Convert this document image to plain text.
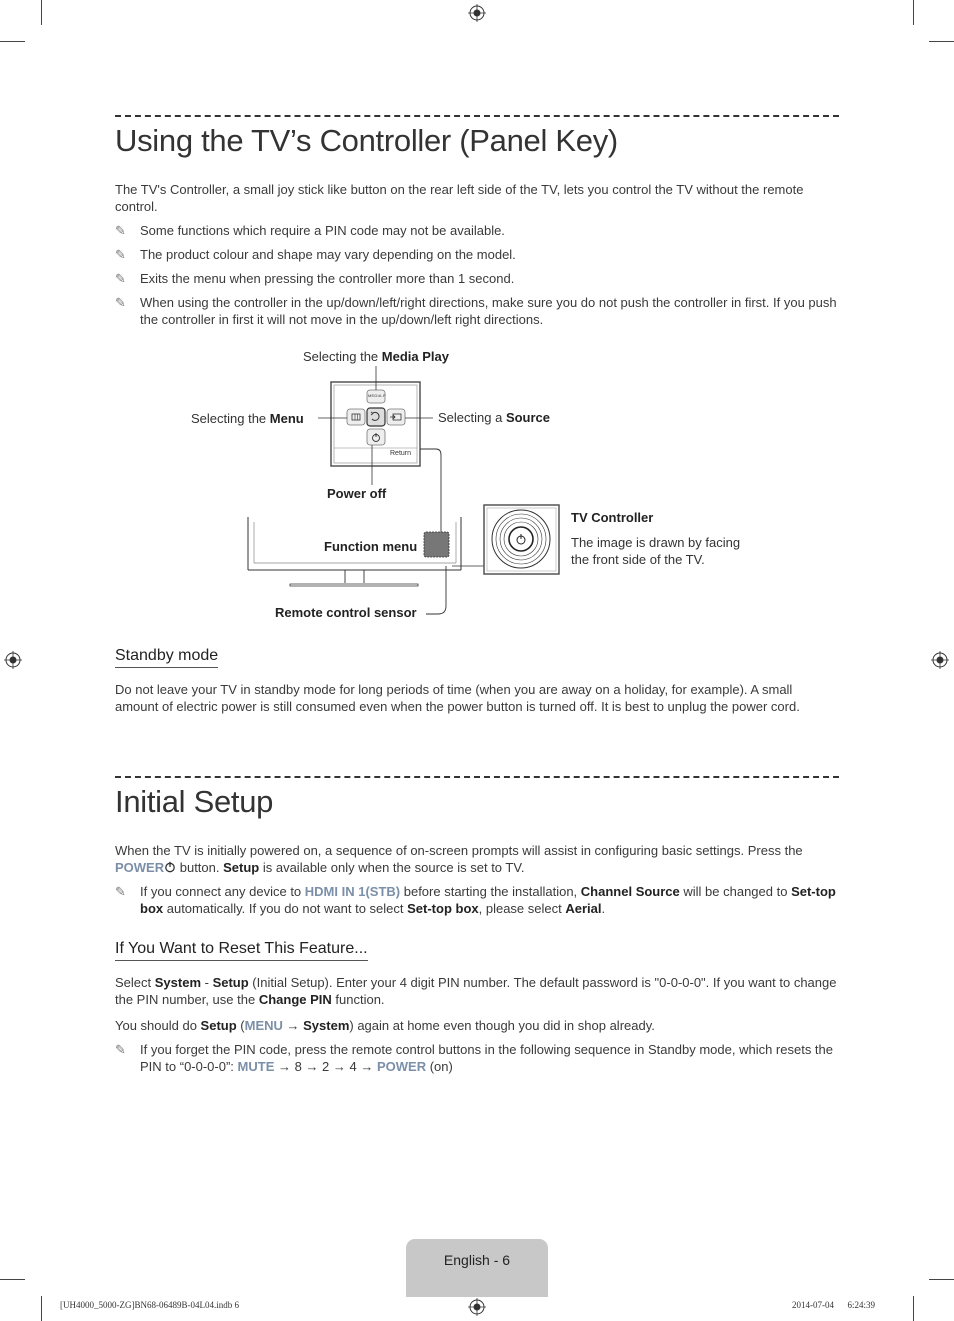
Using the TV’s Controller (Panel Key)
The TV's Controller, a small joy stick like button on the rear left side of the TV, lets you control the TV without the remote control.
✎	Some functions which require a PIN code may not be available.
✎	The product colour and shape may vary depending on the model.
✎	Exits the menu when pressing the controller more than 1 second.
✎	When using the controller in the up/down/left/right directions, make sure you do not push the controller in first. If you push the controller in first it will not move in the up/down/left right directions.
MEDIA.P
Return
Selecting the Media Play
Selecting the Menu	Selecting a Source
Power off
Function menu
Remote control sensor
TV Controller
The image is drawn by facing the front side of the TV.
Standby mode
Do not leave your TV in standby mode for long periods of time (when you are away on a holiday, for example). A small amount of electric power is still consumed even when the power button is turned off. It is best to unplug the power cord.
Initial Setup
When the TV is initially powered on, a sequence of on-screen prompts will assist in configuring basic settings. Press the POWER button. Setup is available only when the source is set to TV.
✎	If you connect any device to HDMI IN 1(STB) before starting the installation, Channel Source will be changed to Set-top box automatically. If you do not want to select Set-top box, please select Aerial.
If You Want to Reset This Feature...
Select System - Setup (Initial Setup). Enter your 4 digit PIN number. The default password is "0-0-0-0". If you want to change the PIN number, use the Change PIN function.
You should do Setup (MENU → System) again at home even though you did in shop already.
✎	If you forget the PIN code, press the remote control buttons in the following sequence in Standby mode, which resets the PIN to “0-0-0-0”: MUTE → 8 → 2 → 4 → POWER (on)
English - 6
[UH4000_5000-ZG]BN68-06489B-04L04.indb 6	2014-07-04   6:24:39
